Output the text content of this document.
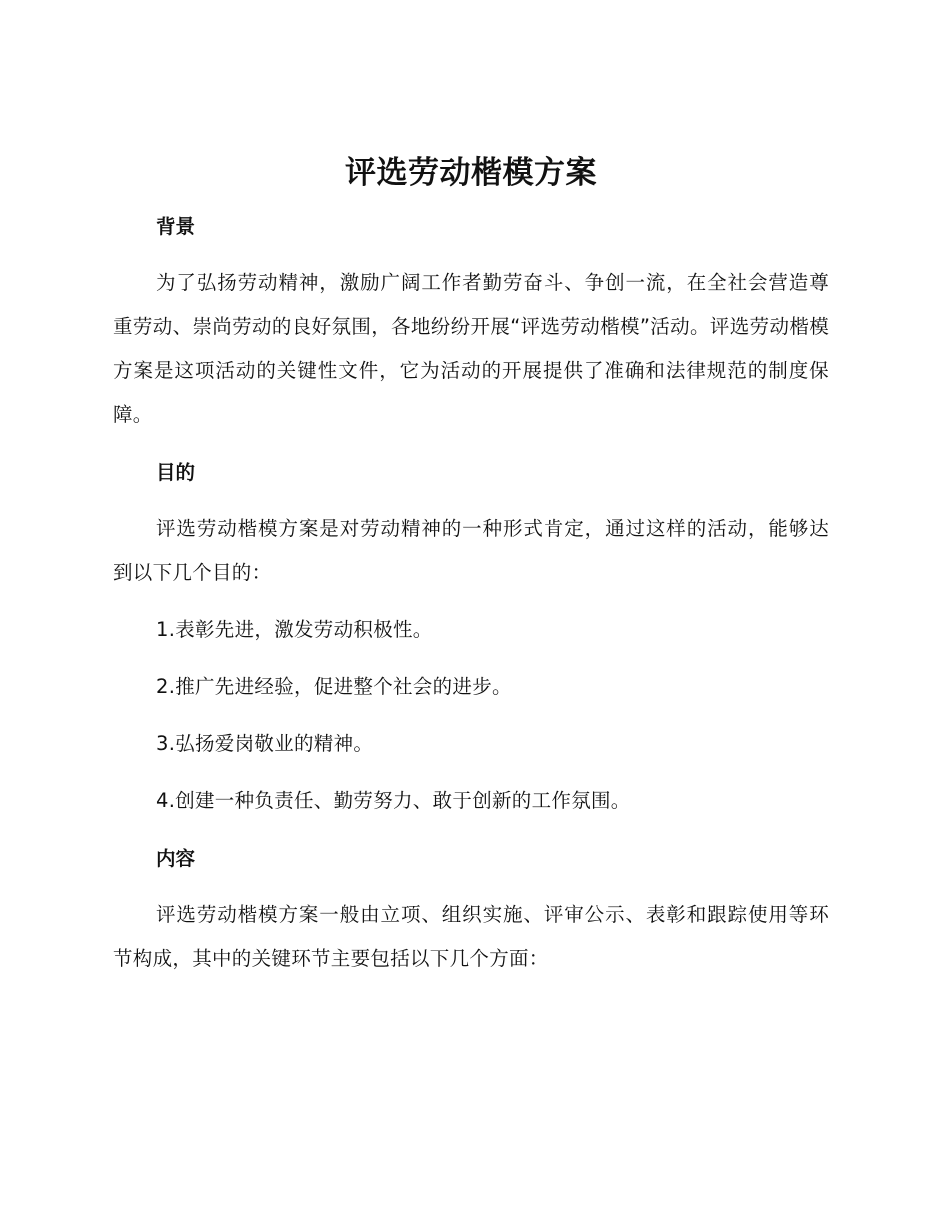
评选劳动楷模方案
背景

为了弘扬劳动精神，激励广阔工作者勤劳奋斗、争创一流，在全社会营造尊重劳动、崇尚劳动的良好氛围，各地纷纷开展“评选劳动楷模”活动。评选劳动楷模方案是这项活动的关键性文件，它为活动的开展提供了准确和法律规范的制度保障。

目的

评选劳动楷模方案是对劳动精神的一种形式肯定，通过这样的活动，能够达到以下几个目的：

1.表彰先进，激发劳动积极性。

2.推广先进经验，促进整个社会的进步。

3.弘扬爱岗敬业的精神。

4.创建一种负责任、勤劳努力、敢于创新的工作氛围。

内容

评选劳动楷模方案一般由立项、组织实施、评审公示、表彰和跟踪使用等环节构成，其中的关键环节主要包括以下几个方面：
